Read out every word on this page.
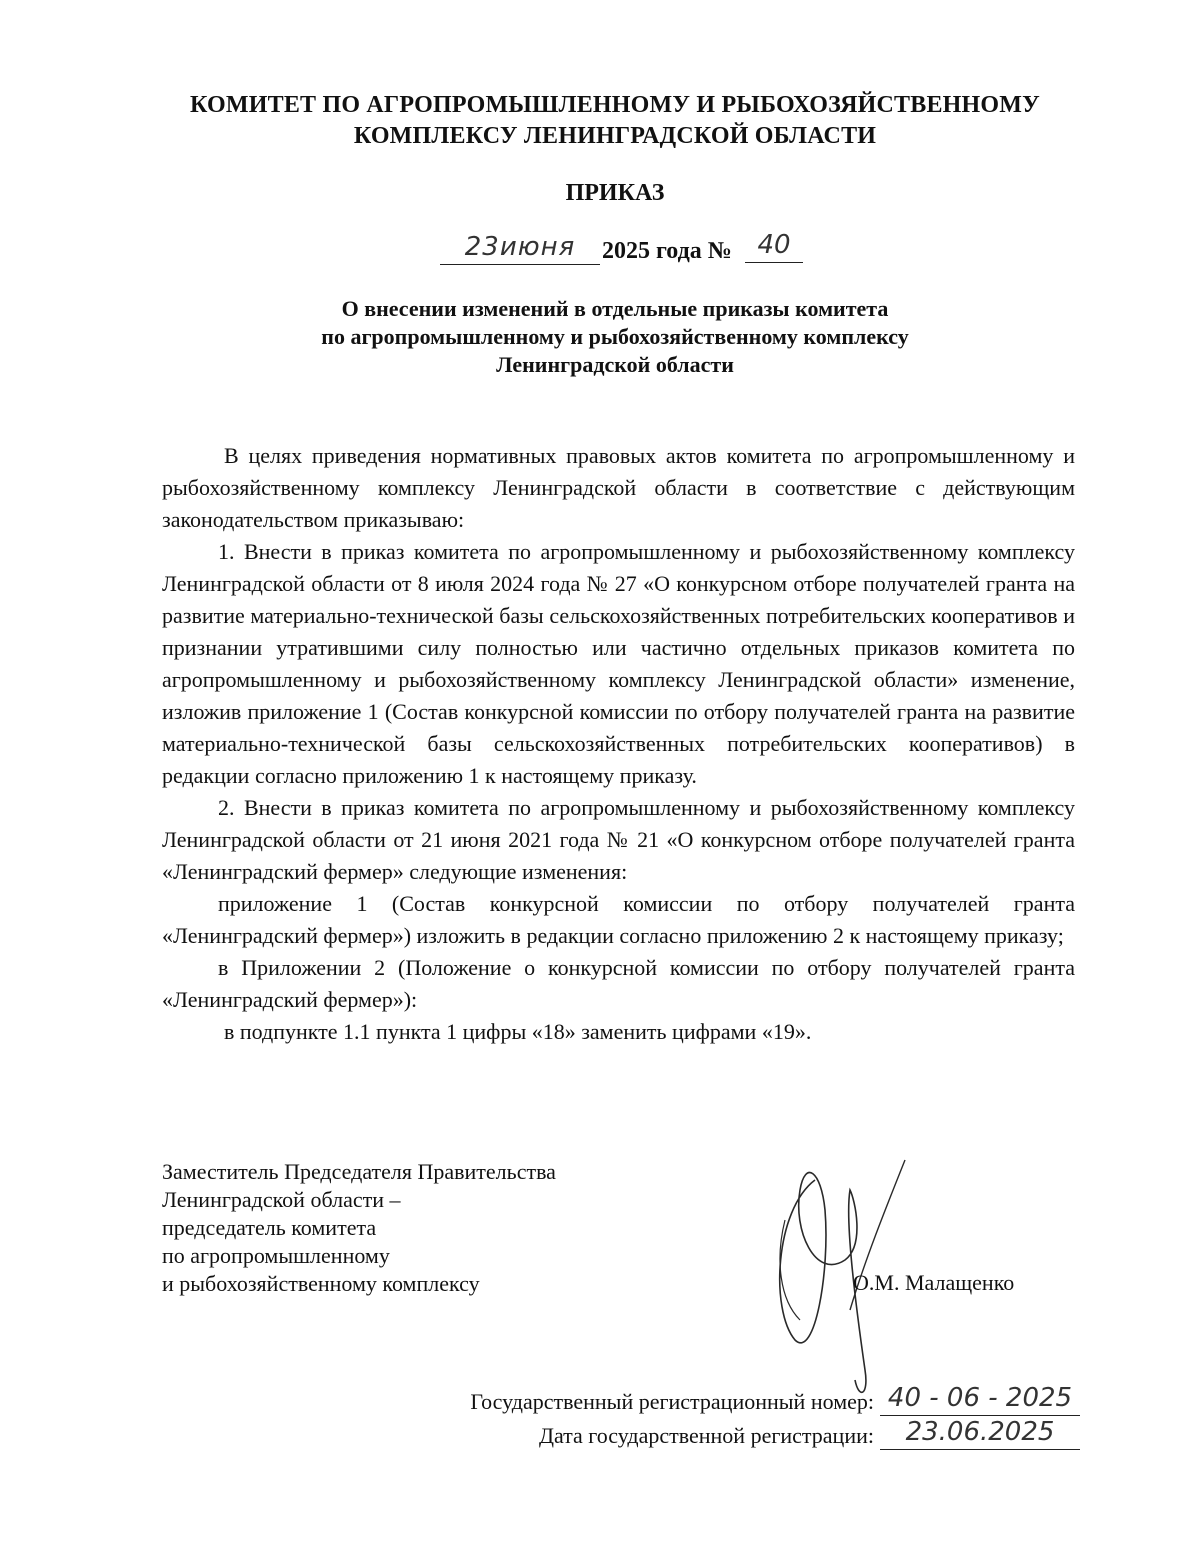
КОМИТЕТ ПО АГРОПРОМЫШЛЕННОМУ И РЫБОХОЗЯЙСТВЕННОМУ
КОМПЛЕКСУ ЛЕНИНГРАДСКОЙ ОБЛАСТИ
ПРИКАЗ
23июня	2025 года № 40
О внесении изменений в отдельные приказы комитета
по агропромышленному и рыбохозяйственному комплексу
Ленинградской области

В целях приведения нормативных правовых актов комитета по агропромышленному и рыбохозяйственному комплексу Ленинградской области в соответствие с действующим законодательством приказываю:

1. Внести в приказ комитета по агропромышленному и рыбохозяйственному комплексу Ленинградской области от 8 июля 2024 года № 27 «О конкурсном отборе получателей гранта на развитие материально-технической базы сельскохозяйственных потребительских кооперативов и признании утратившими силу полностью или частично отдельных приказов комитета по агропромышленному и рыбохозяйственному комплексу Ленинградской области» изменение, изложив приложение 1 (Состав конкурсной комиссии по отбору получателей гранта на развитие материально-технической базы сельскохозяйственных потребительских кооперативов) в редакции согласно приложению 1 к настоящему приказу.

2. Внести в приказ комитета по агропромышленному и рыбохозяйственному комплексу Ленинградской области от 21 июня 2021 года № 21 «О конкурсном отборе получателей гранта «Ленинградский фермер» следующие изменения:

приложение 1 (Состав конкурсной комиссии по отбору получателей гранта «Ленинградский фермер») изложить в редакции согласно приложению 2 к настоящему приказу;

в Приложении 2 (Положение о конкурсной комиссии по отбору получателей гранта «Ленинградский фермер»):

в подпункте 1.1 пункта 1 цифры «18» заменить цифрами «19».

Заместитель Председателя Правительства
Ленинградской области –
председатель комитета
по агропромышленному
и рыбохозяйственному комплексу	О.М. Малащенко
Государственный регистрационный номер: 40 - 06 - 2025
Дата государственной регистрации:	23.06.2025
